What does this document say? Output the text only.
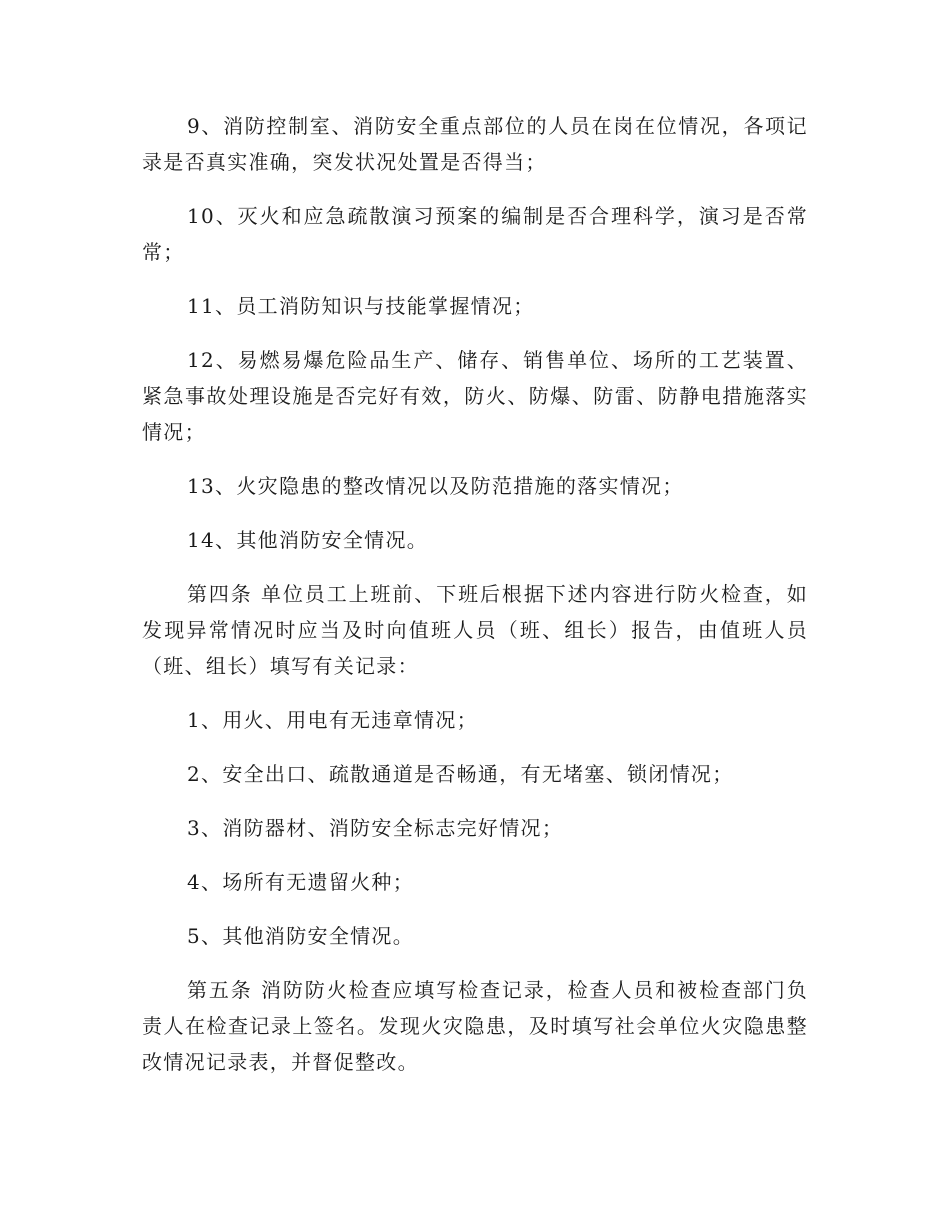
9、消防控制室、消防安全重点部位的人员在岗在位情况，各项记录是否真实准确，突发状况处置是否得当；

10、灭火和应急疏散演习预案的编制是否合理科学，演习是否常常；

11、员工消防知识与技能掌握情况；

12、易燃易爆危险品生产、储存、销售单位、场所的工艺装置、紧急事故处理设施是否完好有效，防火、防爆、防雷、防静电措施落实情况；

13、火灾隐患的整改情况以及防范措施的落实情况；

14、其他消防安全情况。

第四条 单位员工上班前、下班后根据下述内容进行防火检查，如发现异常情况时应当及时向值班人员（班、组长）报告，由值班人员（班、组长）填写有关记录：

1、用火、用电有无违章情况；

2、安全出口、疏散通道是否畅通，有无堵塞、锁闭情况；

3、消防器材、消防安全标志完好情况；

4、场所有无遗留火种；

5、其他消防安全情况。

第五条 消防防火检查应填写检查记录，检查人员和被检查部门负责人在检查记录上签名。发现火灾隐患，及时填写社会单位火灾隐患整改情况记录表，并督促整改。
